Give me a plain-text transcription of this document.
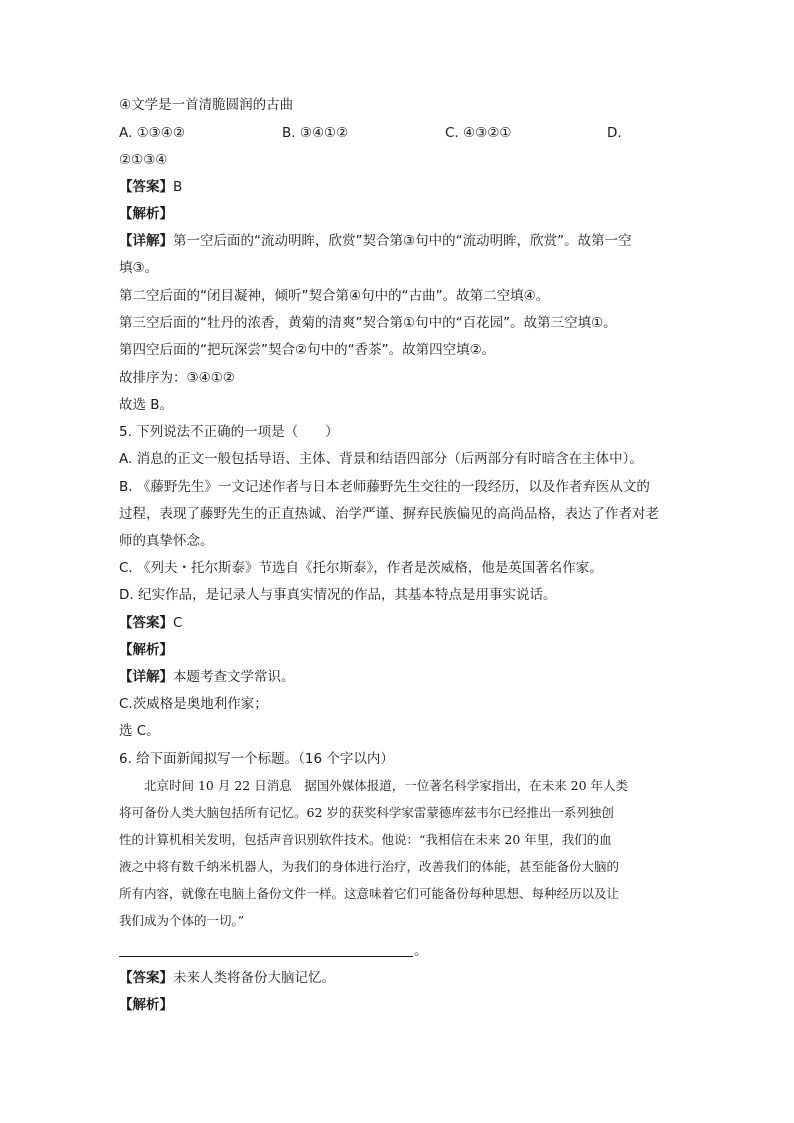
④文学是一首清脆圆润的古曲
A. ①③④②	B. ③④①②	C. ④③②①	D.
②①③④
【答案】B
【解析】
【详解】第一空后面的“流动明眸，欣赏”契合第③句中的“流动明眸，欣赏”。故第一空
填③。
第二空后面的“闭目凝神，倾听”契合第④句中的“古曲”。故第二空填④。
第三空后面的“牡丹的浓香，黄菊的清爽”契合第①句中的“百花园”。故第三空填①。
第四空后面的“把玩深尝”契合②句中的“香茶”。故第四空填②。
故排序为：③④①②
故选 B。
5. 下列说法不正确的一项是（　　）
A. 消息的正文一般包括导语、主体、背景和结语四部分（后两部分有时暗含在主体中）。
B. 《藤野先生》一文记述作者与日本老师藤野先生交往的一段经历，以及作者弃医从文的
过程，表现了藤野先生的正直热诚、治学严谨、摒弃民族偏见的高尚品格，表达了作者对老
师的真挚怀念。
C. 《列夫・托尔斯泰》节选自《托尔斯泰》，作者是茨威格，他是英国著名作家。
D. 纪实作品，是记录人与事真实情况的作品，其基本特点是用事实说话。
【答案】C
【解析】
【详解】本题考查文学常识。
C.茨威格是奥地利作家；
选 C。
6. 给下面新闻拟写一个标题。（16 个字以内）
　　北京时间 10 月 22 日消息　据国外媒体报道，一位著名科学家指出，在未来 20 年人类
将可备份人类大脑包括所有记忆。62 岁的获奖科学家雷蒙德库兹韦尔已经推出一系列独创
性的计算机相关发明，包括声音识别软件技术。他说：“我相信在未来 20 年里，我们的血
液之中将有数千纳米机器人，为我们的身体进行治疗，改善我们的体能，甚至能备份大脑的
所有内容，就像在电脑上备份文件一样。这意味着它们可能备份每种思想、每种经历以及让
我们成为个体的一切。”
。
【答案】未来人类将备份大脑记忆。
【解析】
